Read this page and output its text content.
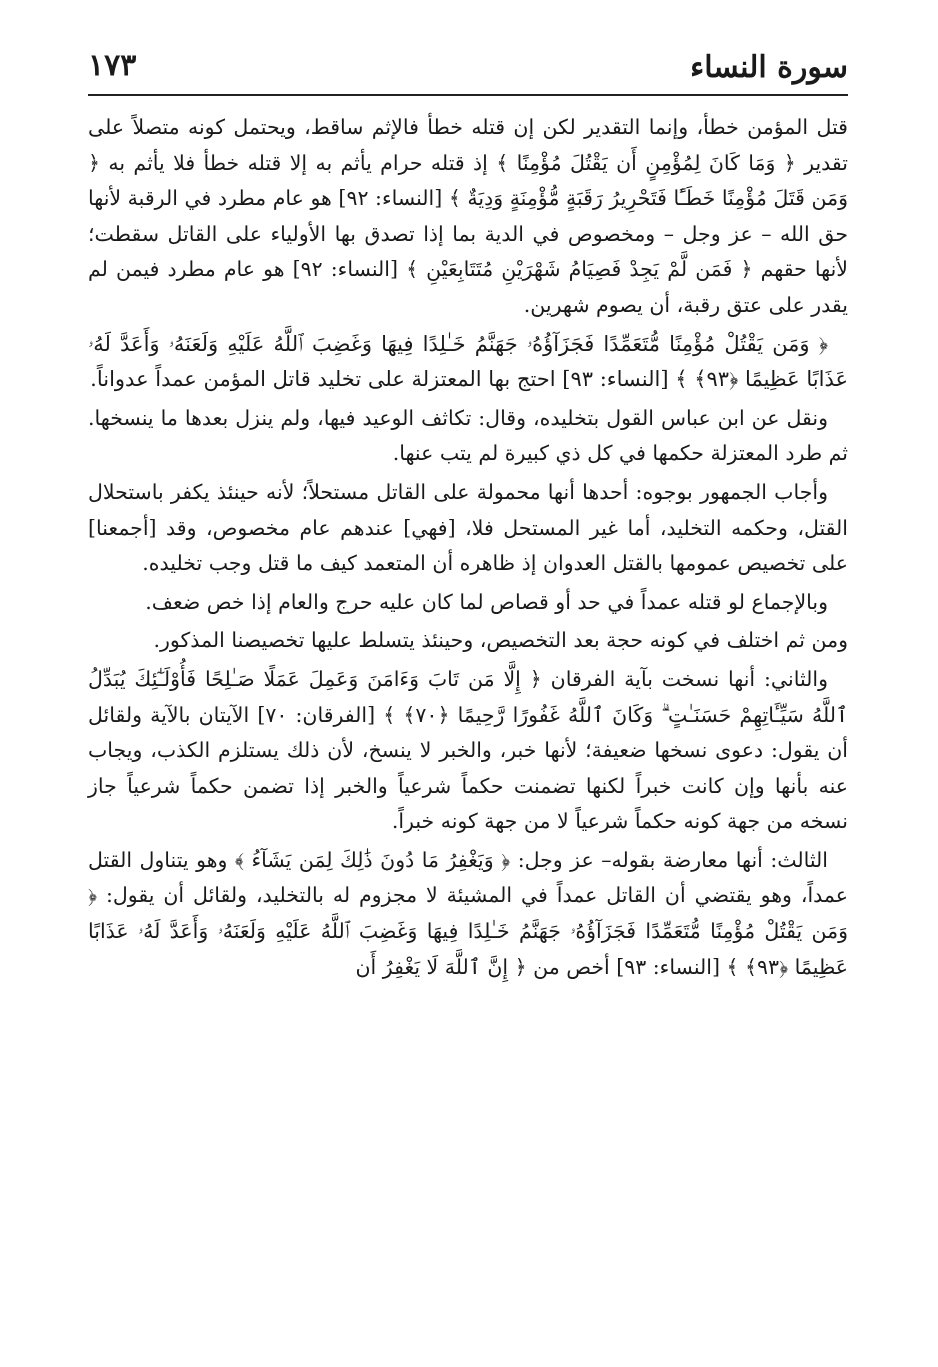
سورة النساء
١٧٣

قتل المؤمن خطأ، وإنما التقدير لكن إن قتله خطأ فالإثم ساقط، ويحتمل كونه متصلاً على تقدير ﴿ وَمَا كَانَ لِمُؤْمِنٍ أَن يَقْتُلَ مُؤْمِنًا ﴾ إذ قتله حرام يأثم به إلا قتله خطأ فلا يأثم به ﴿ وَمَن قَتَلَ مُؤْمِنًا خَطَـًٔا فَتَحْرِيرُ رَقَبَةٍ مُّؤْمِنَةٍ وَدِيَةٌ ﴾ [النساء: ٩٢] هو عام مطرد في الرقبة لأنها حق الله – عز وجل – ومخصوص في الدية بما إذا تصدق بها الأولياء على القاتل سقطت؛ لأنها حقهم ﴿ فَمَن لَّمْ يَجِدْ فَصِيَامُ شَهْرَيْنِ مُتَتَابِعَيْنِ ﴾ [النساء: ٩٢] هو عام مطرد فيمن لم يقدر على عتق رقبة، أن يصوم شهرين.

﴿ وَمَن يَقْتُلْ مُؤْمِنًا مُّتَعَمِّدًا فَجَزَآؤُهُۥ جَهَنَّمُ خَـٰلِدًا فِيهَا وَغَضِبَ ٱللَّهُ عَلَيْهِ وَلَعَنَهُۥ وَأَعَدَّ لَهُۥ عَذَابًا عَظِيمًا ﴿٩٣﴾ ﴾ [النساء: ٩٣] احتج بها المعتزلة على تخليد قاتل المؤمن عمداً عدواناً.

ونقل عن ابن عباس القول بتخليده، وقال: تكاثف الوعيد فيها، ولم ينزل بعدها ما ينسخها. ثم طرد المعتزلة حكمها في كل ذي كبيرة لم يتب عنها.

وأجاب الجمهور بوجوه: أحدها أنها محمولة على القاتل مستحلاً؛ لأنه حينئذ يكفر باستحلال القتل، وحكمه التخليد، أما غير المستحل فلا، [فهي] عندهم عام مخصوص، وقد [أجمعنا] على تخصيص عمومها بالقتل العدوان إذ ظاهره أن المتعمد كيف ما قتل وجب تخليده.

وبالإجماع لو قتله عمداً في حد أو قصاص لما كان عليه حرج والعام إذا خص ضعف.

ومن ثم اختلف في كونه حجة بعد التخصيص، وحينئذ يتسلط عليها تخصيصنا المذكور.

والثاني: أنها نسخت بآية الفرقان ﴿ إِلَّا مَن تَابَ وَءَامَنَ وَعَمِلَ عَمَلًا صَـٰلِحًا فَأُوْلَـٰٓئِكَ يُبَدِّلُ ٱللَّهُ سَيِّـَٔاتِهِمْ حَسَنَـٰتٍ ۗ وَكَانَ ٱللَّهُ غَفُورًا رَّحِيمًا ﴿٧٠﴾ ﴾ [الفرقان: ٧٠] الآيتان بالآية ولقائل أن يقول: دعوى نسخها ضعيفة؛ لأنها خبر، والخبر لا ينسخ، لأن ذلك يستلزم الكذب، ويجاب عنه بأنها وإن كانت خبراً لكنها تضمنت حكماً شرعياً والخبر إذا تضمن حكماً شرعياً جاز نسخه من جهة كونه حكماً شرعياً لا من جهة كونه خبراً.

الثالث: أنها معارضة بقوله– عز وجل: ﴿ وَيَغْفِرُ مَا دُونَ ذَٰلِكَ لِمَن يَشَآءُ ﴾ وهو يتناول القتل عمداً، وهو يقتضي أن القاتل عمداً في المشيئة لا مجزوم له بالتخليد، ولقائل أن يقول: ﴿ وَمَن يَقْتُلْ مُؤْمِنًا مُّتَعَمِّدًا فَجَزَآؤُهُۥ جَهَنَّمُ خَـٰلِدًا فِيهَا وَغَضِبَ ٱللَّهُ عَلَيْهِ وَلَعَنَهُۥ وَأَعَدَّ لَهُۥ عَذَابًا عَظِيمًا ﴿٩٣﴾ ﴾ [النساء: ٩٣] أخص من ﴿ إِنَّ ٱللَّهَ لَا يَغْفِرُ أَن
